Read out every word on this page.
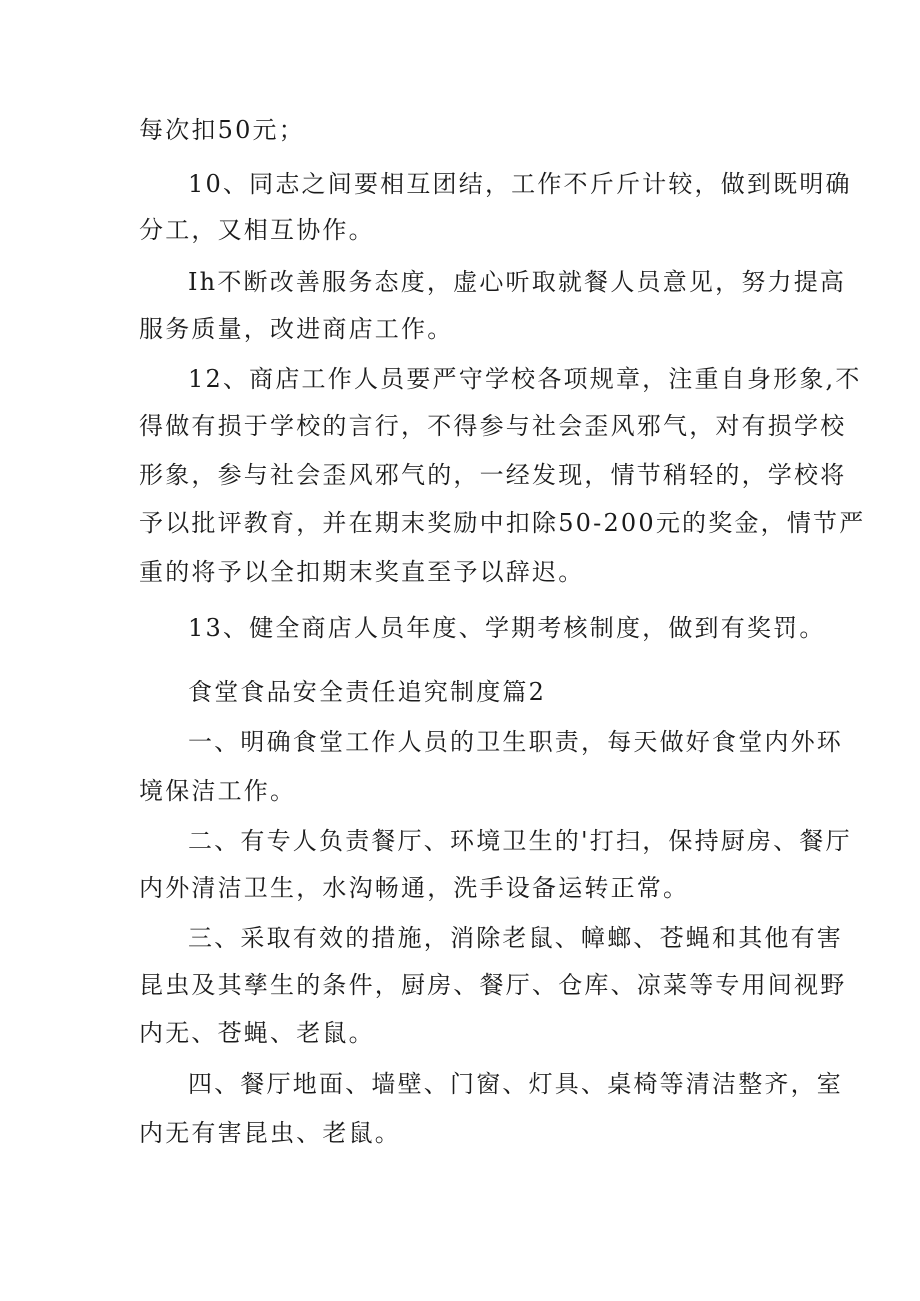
每次扣50元；
10、同志之间要相互团结，工作不斤斤计较，做到既明确
分工，又相互协作。
Ih不断改善服务态度，虚心听取就餐人员意见，努力提高
服务质量，改进商店工作。
12、商店工作人员要严守学校各项规章，注重自身形象,不
得做有损于学校的言行，不得参与社会歪风邪气，对有损学校
形象，参与社会歪风邪气的，一经发现，情节稍轻的，学校将
予以批评教育，并在期末奖励中扣除50-200元的奖金，情节严
重的将予以全扣期末奖直至予以辞迟。
13、健全商店人员年度、学期考核制度，做到有奖罚。
食堂食品安全责任追究制度篇2
一、明确食堂工作人员的卫生职责，每天做好食堂内外环
境保洁工作。
二、有专人负责餐厅、环境卫生的'打扫，保持厨房、餐厅
内外清洁卫生，水沟畅通，洗手设备运转正常。
三、采取有效的措施，消除老鼠、幛螂、苍蝇和其他有害
昆虫及其孳生的条件，厨房、餐厅、仓库、凉菜等专用间视野
内无、苍蝇、老鼠。
四、餐厅地面、墙壁、门窗、灯具、桌椅等清洁整齐，室
内无有害昆虫、老鼠。
